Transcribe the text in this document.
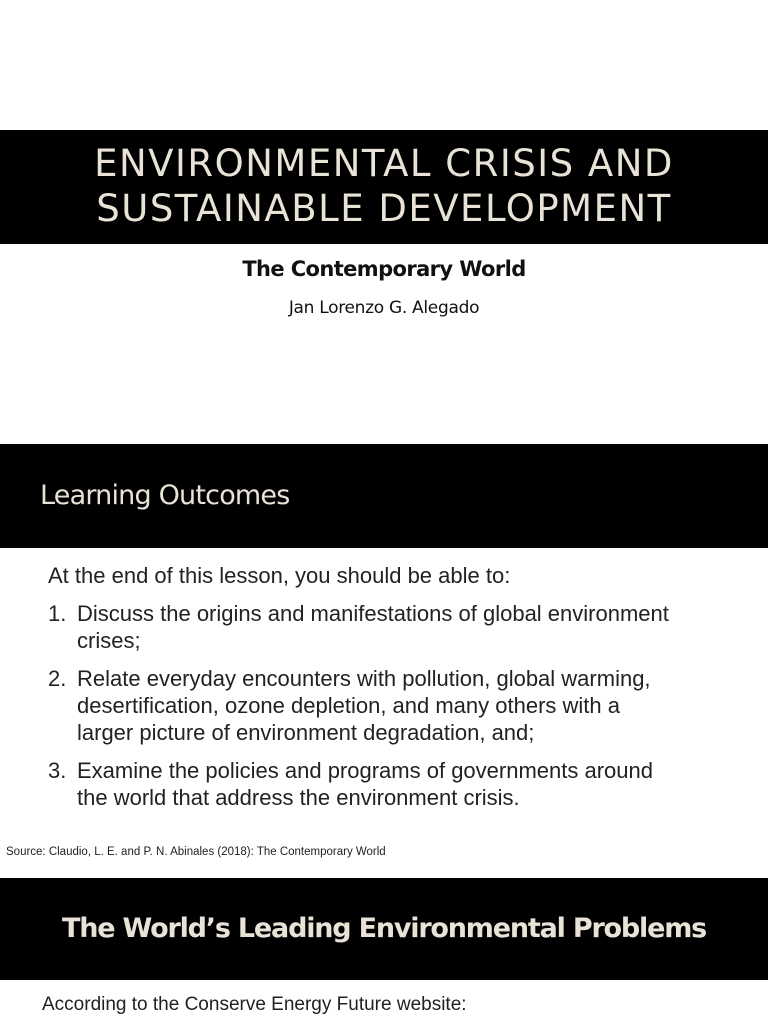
ENVIRONMENTAL CRISIS AND
SUSTAINABLE DEVELOPMENT
The Contemporary World
Jan Lorenzo G. Alegado
Learning Outcomes
At the end of this lesson, you should be able to:
1. Discuss the origins and manifestations of global environment
crises;
2. Relate everyday encounters with pollution, global warming,
desertification, ozone depletion, and many others with a
larger picture of environment degradation, and;
3. Examine the policies and programs of governments around
the world that address the environment crisis.
Source: Claudio, L. E. and P. N. Abinales (2018): The Contemporary World
The World’s Leading Environmental Problems
According to the Conserve Energy Future website:
